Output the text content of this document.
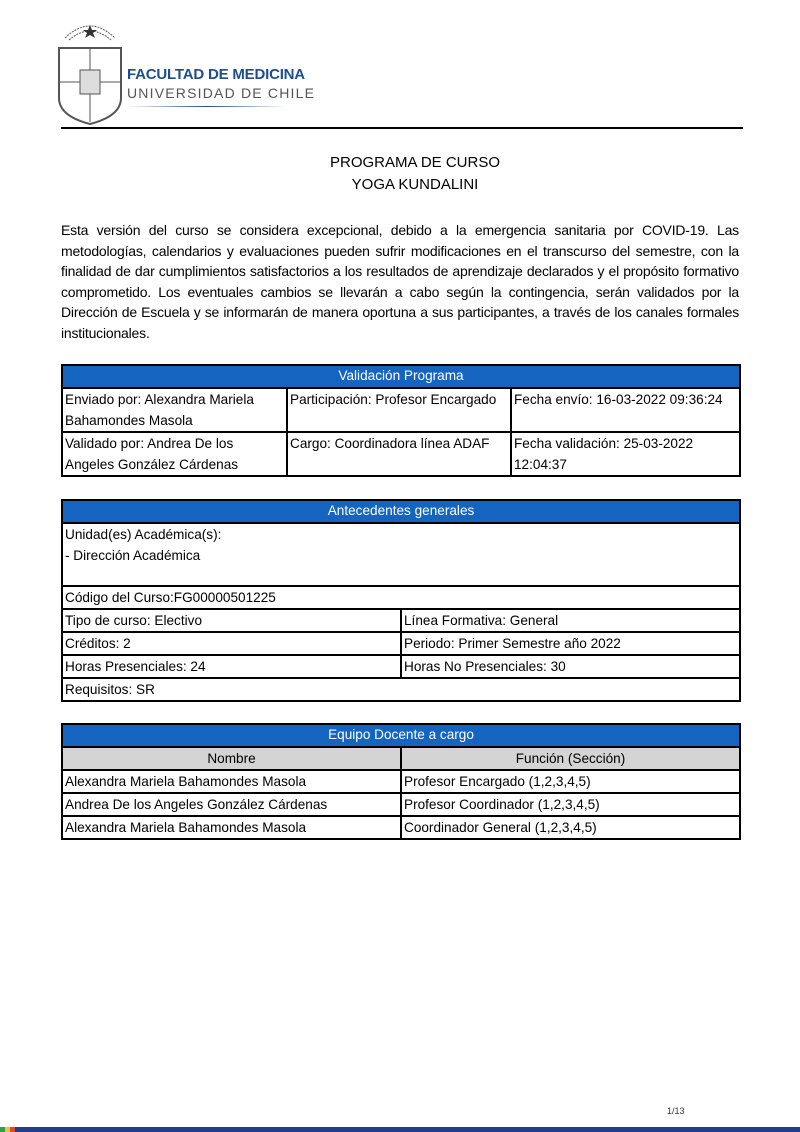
FACULTAD DE MEDICINA
UNIVERSIDAD DE CHILE
PROGRAMA DE CURSO
YOGA KUNDALINI
Esta versión del curso se considera excepcional, debido a la emergencia sanitaria por COVID-19. Las metodologías, calendarios y evaluaciones pueden sufrir modificaciones en el transcurso del semestre, con la finalidad de dar cumplimientos satisfactorios a los resultados de aprendizaje declarados y el propósito formativo comprometido. Los eventuales cambios se llevarán a cabo según la contingencia, serán validados por la Dirección de Escuela y se informarán de manera oportuna a sus participantes, a través de los canales formales institucionales.
Validación Programa		
Enviado por: Alexandra Mariela Bahamondes Masola	Participación: Profesor Encargado	Fecha envío: 16-03-2022 09:36:24
Validado por: Andrea De los Angeles González Cárdenas	Cargo: Coordinadora línea ADAF	Fecha validación: 25-03-2022 12:04:37
Antecedentes generales	

Unidad(es) Académica(s):
- Dirección Académica	

Código del Curso:FG00000501225	
Tipo de curso: Electivo	Línea Formativa: General
Créditos: 2	Periodo: Primer Semestre año 2022
Horas Presenciales: 24	Horas No Presenciales: 30
Requisitos: SR	
Equipo Docente a cargo	
Nombre	Función (Sección)
Alexandra Mariela Bahamondes Masola	Profesor Encargado (1,2,3,4,5)
Andrea De los Angeles González Cárdenas	Profesor Coordinador (1,2,3,4,5)
Alexandra Mariela Bahamondes Masola	Coordinador General (1,2,3,4,5)
1/13
